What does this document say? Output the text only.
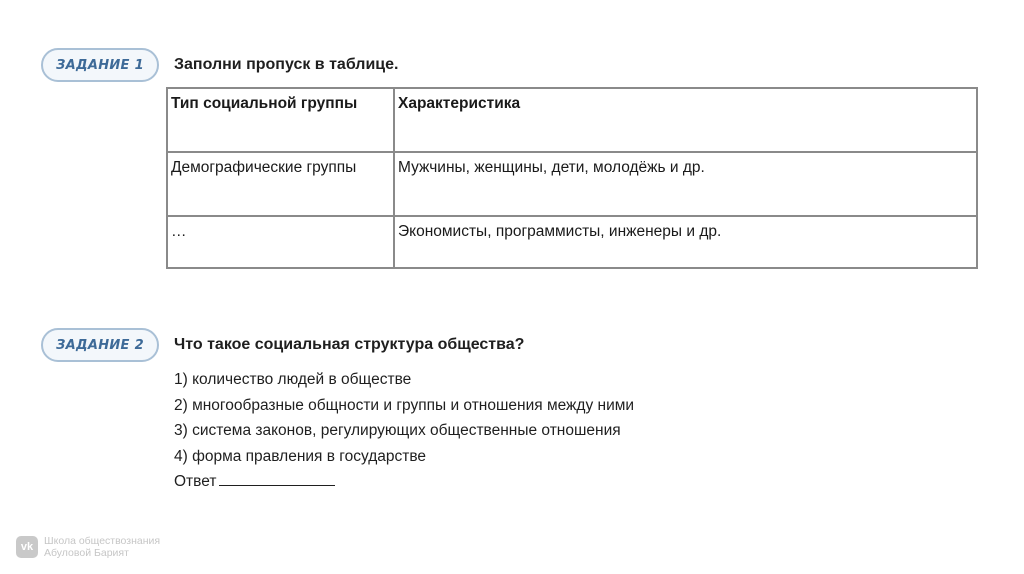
ЗАДАНИЕ 1 Заполни пропуск в таблице.
Тип социальной группы	Характеристика
Демографические группы	Мужчины, женщины, дети, молодёжь и др.
…	Экономисты, программисты, инженеры и др.
ЗАДАНИЕ 2 Что такое социальная структура общества?
1) количество людей в обществе
2) многообразные общности и группы и отношения между ними
3) система законов, регулирующих общественные отношения
4) форма правления в государстве
Ответ
vk	Школа обществознания
Абуловой Барият
